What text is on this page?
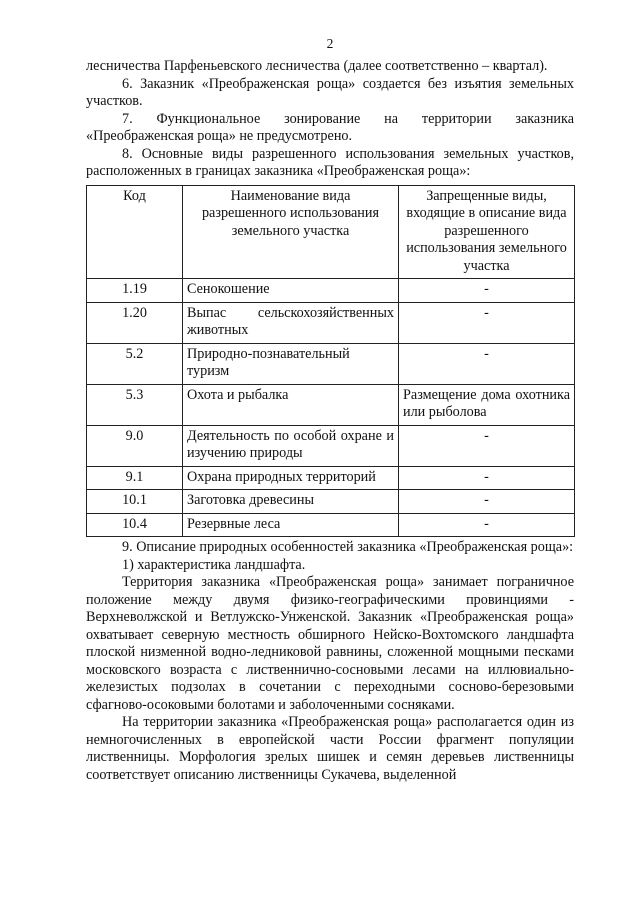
2

лесничества Парфеньевского лесничества (далее соответственно – квартал).

6. Заказник «Преображенская роща» создается без изъятия земельных участков.

7. Функциональное зонирование на территории заказника «Преображенская роща» не предусмотрено.

8. Основные виды разрешенного использования земельных участков, расположенных в границах заказника «Преображенская роща»:

Код	Наименование вида разрешенного использования земельного участка	Запрещенные виды, входящие в описание вида разрешенного использования земельного участка
1.19	Сенокошение	-
1.20	Выпас сельскохозяйственных животных	-
5.2	Природно-познавательный туризм	-
5.3	Охота и рыбалка	Размещение дома охотника или рыболова
9.0	Деятельность по особой охране и изучению природы	-
9.1	Охрана природных территорий	-
10.1	Заготовка древесины	-
10.4	Резервные леса	-

9. Описание природных особенностей заказника «Преображенская роща»:

1) характеристика ландшафта.

Территория заказника «Преображенская роща» занимает пограничное положение между двумя физико-географическими провинциями - Верхневолжской и Ветлужско-Унженской. Заказник «Преображенская роща» охватывает северную местность обширного Нейско-Вохтомского ландшафта плоской низменной водно-ледниковой равнины, сложенной мощными песками московского возраста с лиственнично-сосновыми лесами на иллювиально-железистых подзолах в сочетании с переходными сосново-березовыми сфагново-осоковыми болотами и заболоченными сосняками.

На территории заказника «Преображенская роща» располагается один из немногочисленных в европейской части России фрагмент популяции лиственницы. Морфология зрелых шишек и семян деревьев лиственницы соответствует описанию лиственницы Сукачева, выделенной
